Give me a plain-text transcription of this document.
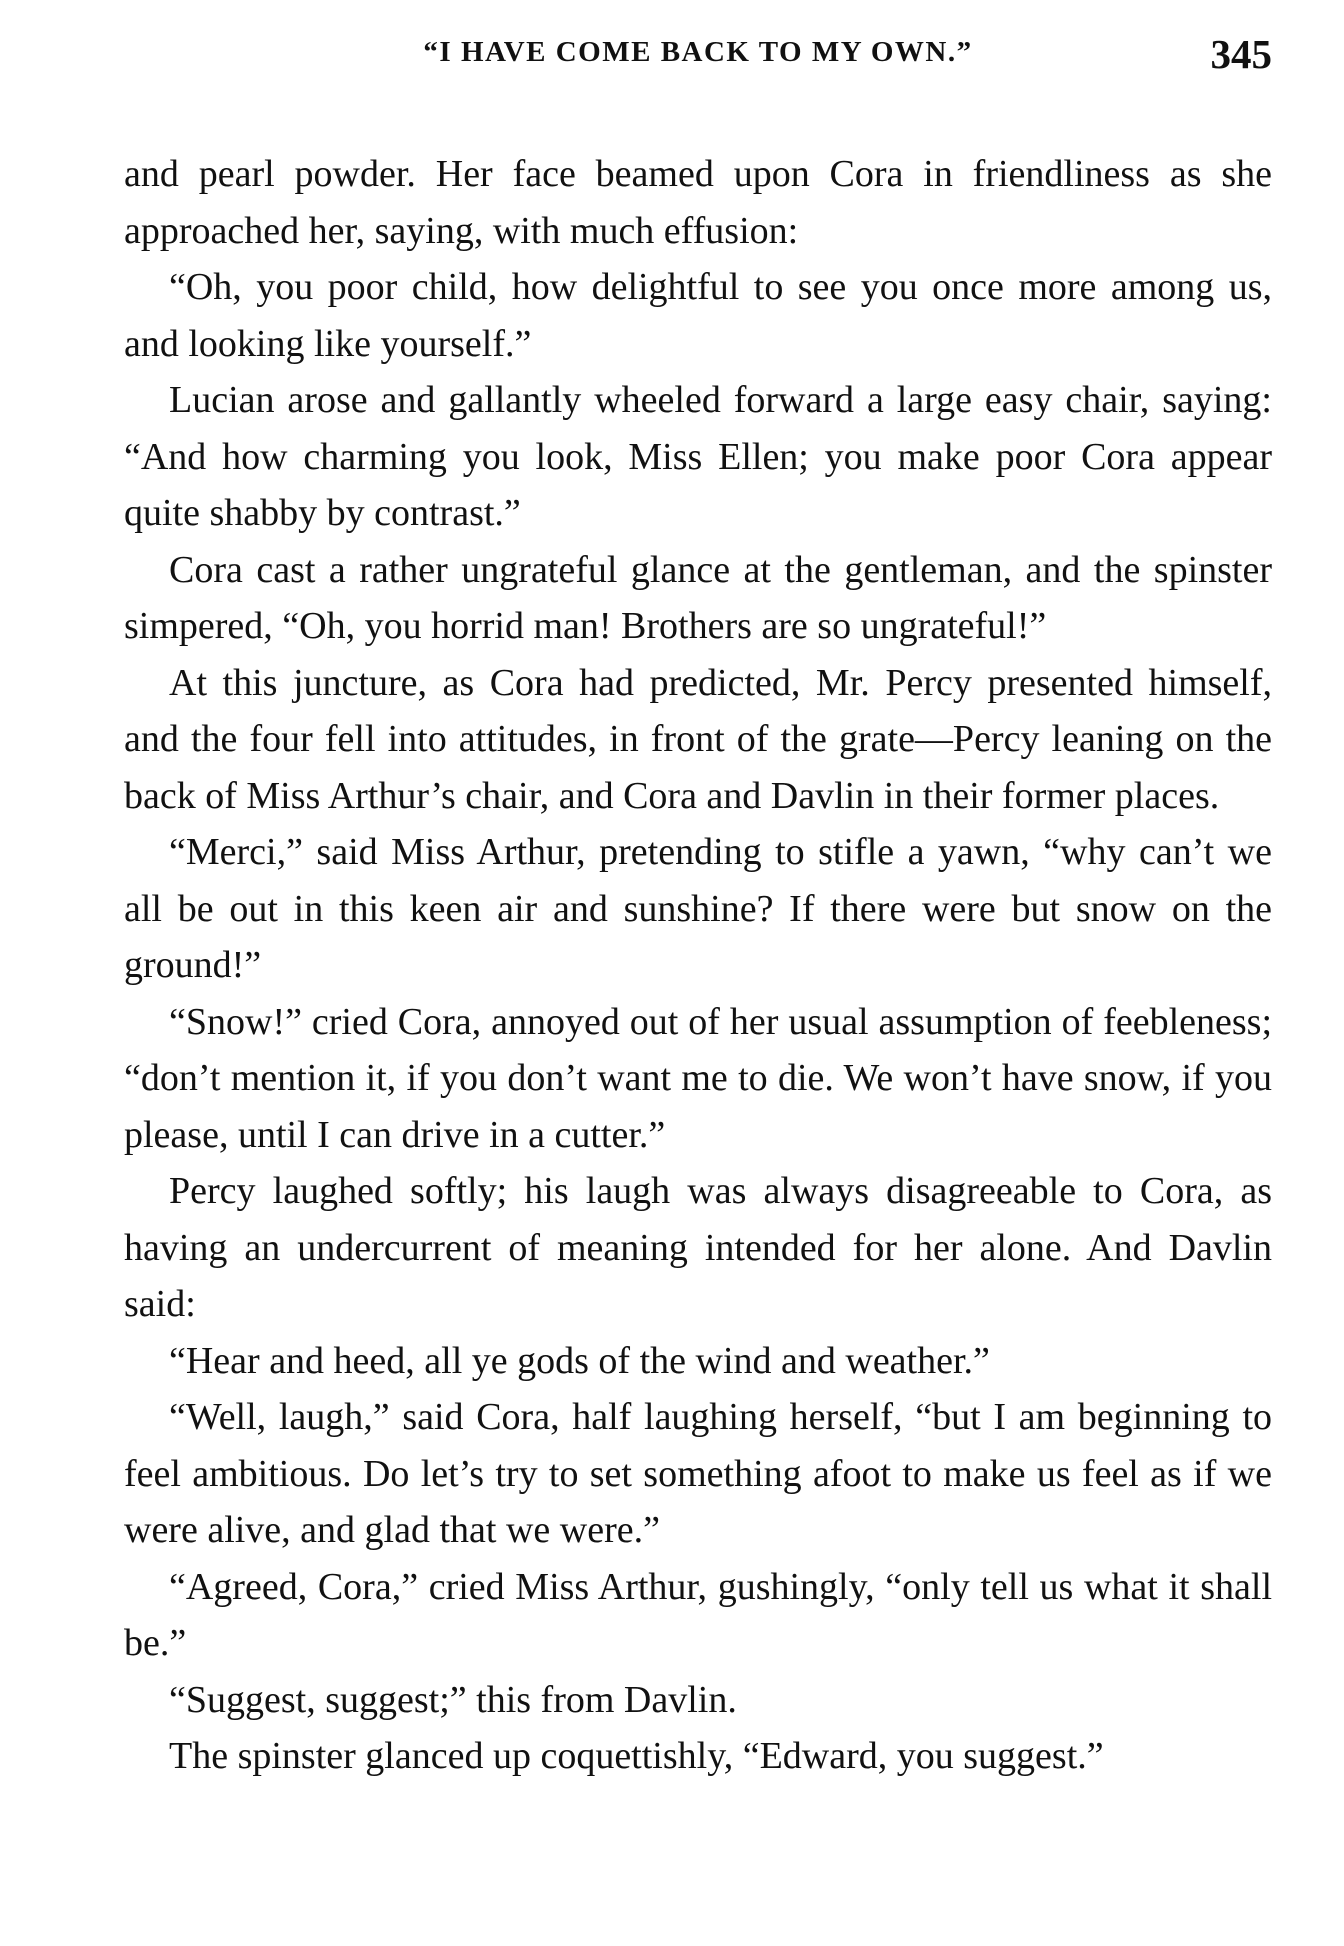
“I HAVE COME BACK TO MY OWN.”	345

and pearl powder. Her face beamed upon Cora in friendliness as she approached her, saying, with much effusion:

“Oh, you poor child, how delightful to see you once more among us, and looking like yourself.”

Lucian arose and gallantly wheeled forward a large easy chair, saying: “And how charming you look, Miss Ellen; you make poor Cora appear quite shabby by contrast.”

Cora cast a rather ungrateful glance at the gentleman, and the spinster simpered, “Oh, you horrid man! Brothers are so ungrateful!”

At this juncture, as Cora had predicted, Mr. Percy presented himself, and the four fell into attitudes, in front of the grate—Percy leaning on the back of Miss Arthur’s chair, and Cora and Davlin in their former places.

“Merci,” said Miss Arthur, pretending to stifle a yawn, “why can’t we all be out in this keen air and sunshine? If there were but snow on the ground!”

“Snow!” cried Cora, annoyed out of her usual assumption of feebleness; “don’t mention it, if you don’t want me to die. We won’t have snow, if you please, until I can drive in a cutter.”

Percy laughed softly; his laugh was always disagreeable to Cora, as having an undercurrent of meaning intended for her alone. And Davlin said:

“Hear and heed, all ye gods of the wind and weather.”

“Well, laugh,” said Cora, half laughing herself, “but I am beginning to feel ambitious. Do let’s try to set something afoot to make us feel as if we were alive, and glad that we were.”

“Agreed, Cora,” cried Miss Arthur, gushingly, “only tell us what it shall be.”

“Suggest, suggest;” this from Davlin.

The spinster glanced up coquettishly, “Edward, you suggest.”
